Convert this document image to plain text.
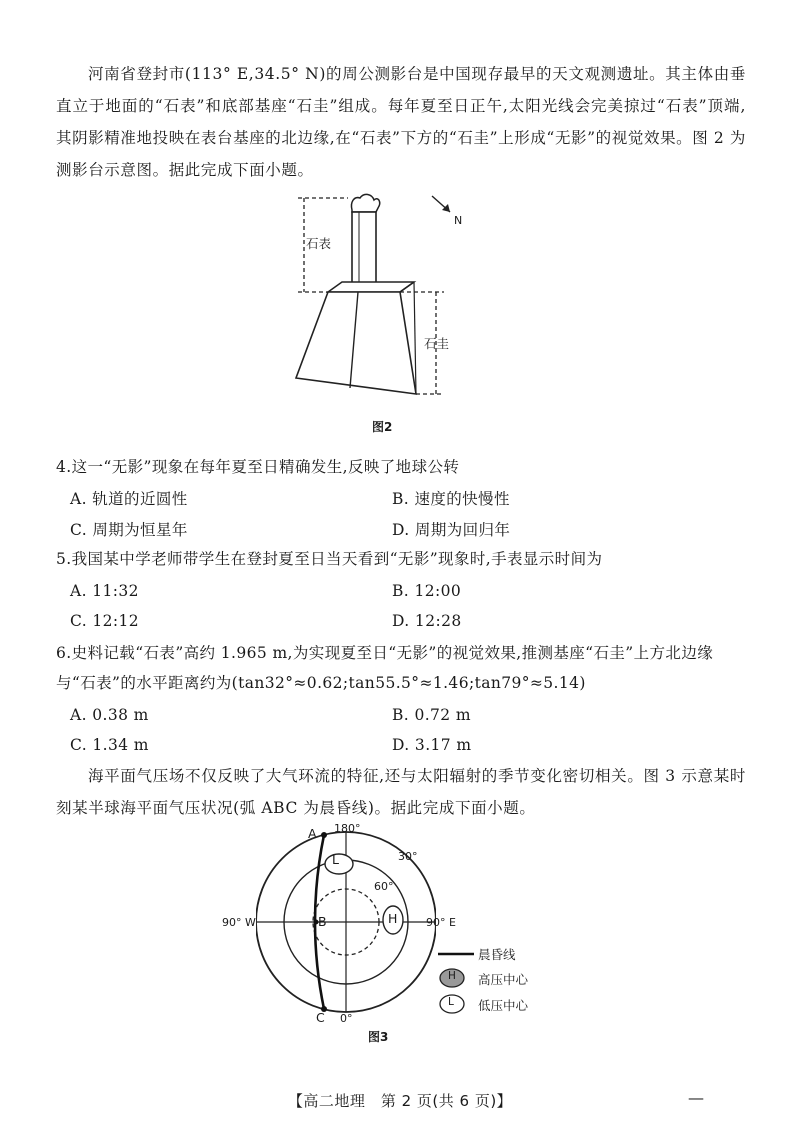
河南省登封市(113° E,34.5° N)的周公测影台是中国现存最早的天文观测遗址。其主体由垂直立于地面的“石表”和底部基座“石圭”组成。每年夏至日正午,太阳光线会完美掠过“石表”顶端,其阴影精准地投映在表台基座的北边缘,在“石表”下方的“石圭”上形成“无影”的视觉效果。图 2 为测影台示意图。据此完成下面小题。
石表
石圭
N
图2
4.这一“无影”现象在每年夏至日精确发生,反映了地球公转
A. 轨道的近圆性	B. 速度的快慢性
C. 周期为恒星年	D. 周期为回归年
5.我国某中学老师带学生在登封夏至日当天看到“无影”现象时,手表显示时间为
A. 11:32	B. 12:00
C. 12:12	D. 12:28
6.史料记载“石表”高约 1.965 m,为实现夏至日“无影”的视觉效果,推测基座“石圭”上方北边缘与“石表”的水平距离约为(tan32°≈0.62;tan55.5°≈1.46;tan79°≈5.14)
A. 0.38 m	B. 0.72 m
C. 1.34 m	D. 3.17 m
海平面气压场不仅反映了大气环流的特征,还与太阳辐射的季节变化密切相关。图 3 示意某时刻某半球海平面气压状况(弧 ABC 为晨昏线)。据此完成下面小题。
L
H
A
B
C
180°
0°
90° W	90° E
30°
60°
H
L
晨昏线
高压中心
低压中心
图3
【高二地理　第 2 页(共 6 页)】	—
